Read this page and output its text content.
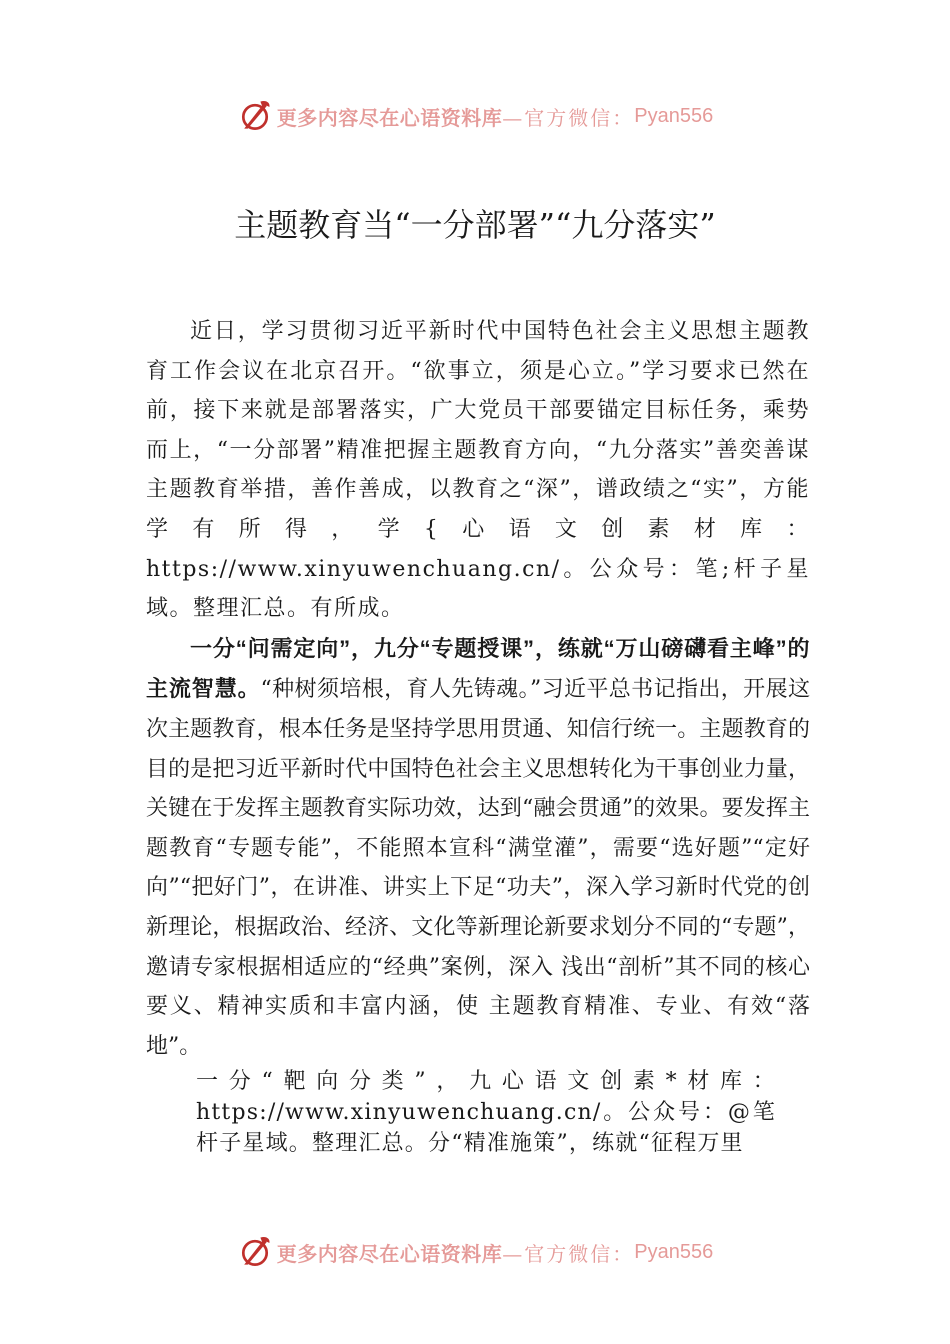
更多内容尽在心语资料库 —官方微信： Pyan556
主题教育当“一分部署”“九分落实”

近日，学习贯彻习近平新时代中国特色社会主义思想主题教育工作会议在北京召开。“欲事立，须是心立。”学习要求已然在前，接下来就是部署落实，广大党员干部要锚定目标任务，乘势而上，“一分部署”精准把握主题教育方向，“九分落实”善奕善谋主题教育举措，善作善成，以教育之“深”，谱政绩之“实”，方能学有所得，学{心语文创素材库：https://www.xinyuwenchuang.cn/。公众号：笔;杆子星域。整理汇总。有所成。

一分“问需定向”，九分“专题授课”，练就“万山磅礴看主峰”的主流智慧。“种树须培根，育人先铸魂。”习近平总书记指出，开展这次主题教育，根本任务是坚持学思用贯通、知信行统一。主题教育的目的是把习近平新时代中国特色社会主义思想转化为干事创业力量，关键在于发挥主题教育实际功效，达到“融会贯通”的效果。要发挥主题教育“专题专能”，不能照本宣科“满堂灌”，需要“选好题”“定好向”“把好门”，在讲准、讲实上下足“功夫”，深入学习新时代党的创新理论，根据政治、经济、文化等新理论新要求划分不同的“专题”，邀请专家根据相适应的“经典”案例，深入 浅出“剖析”其不同的核心要义、精神实质和丰富内涵，使 主题教育精准、专业、有效“落地”。

一分“靶向分类”，九心语文创素*材库：https://www.xinyuwenchuang.cn/。公众号：@笔杆子星域。整理汇总。分“精准施策”，练就“征程万里

更多内容尽在心语资料库 —官方微信： Pyan556
